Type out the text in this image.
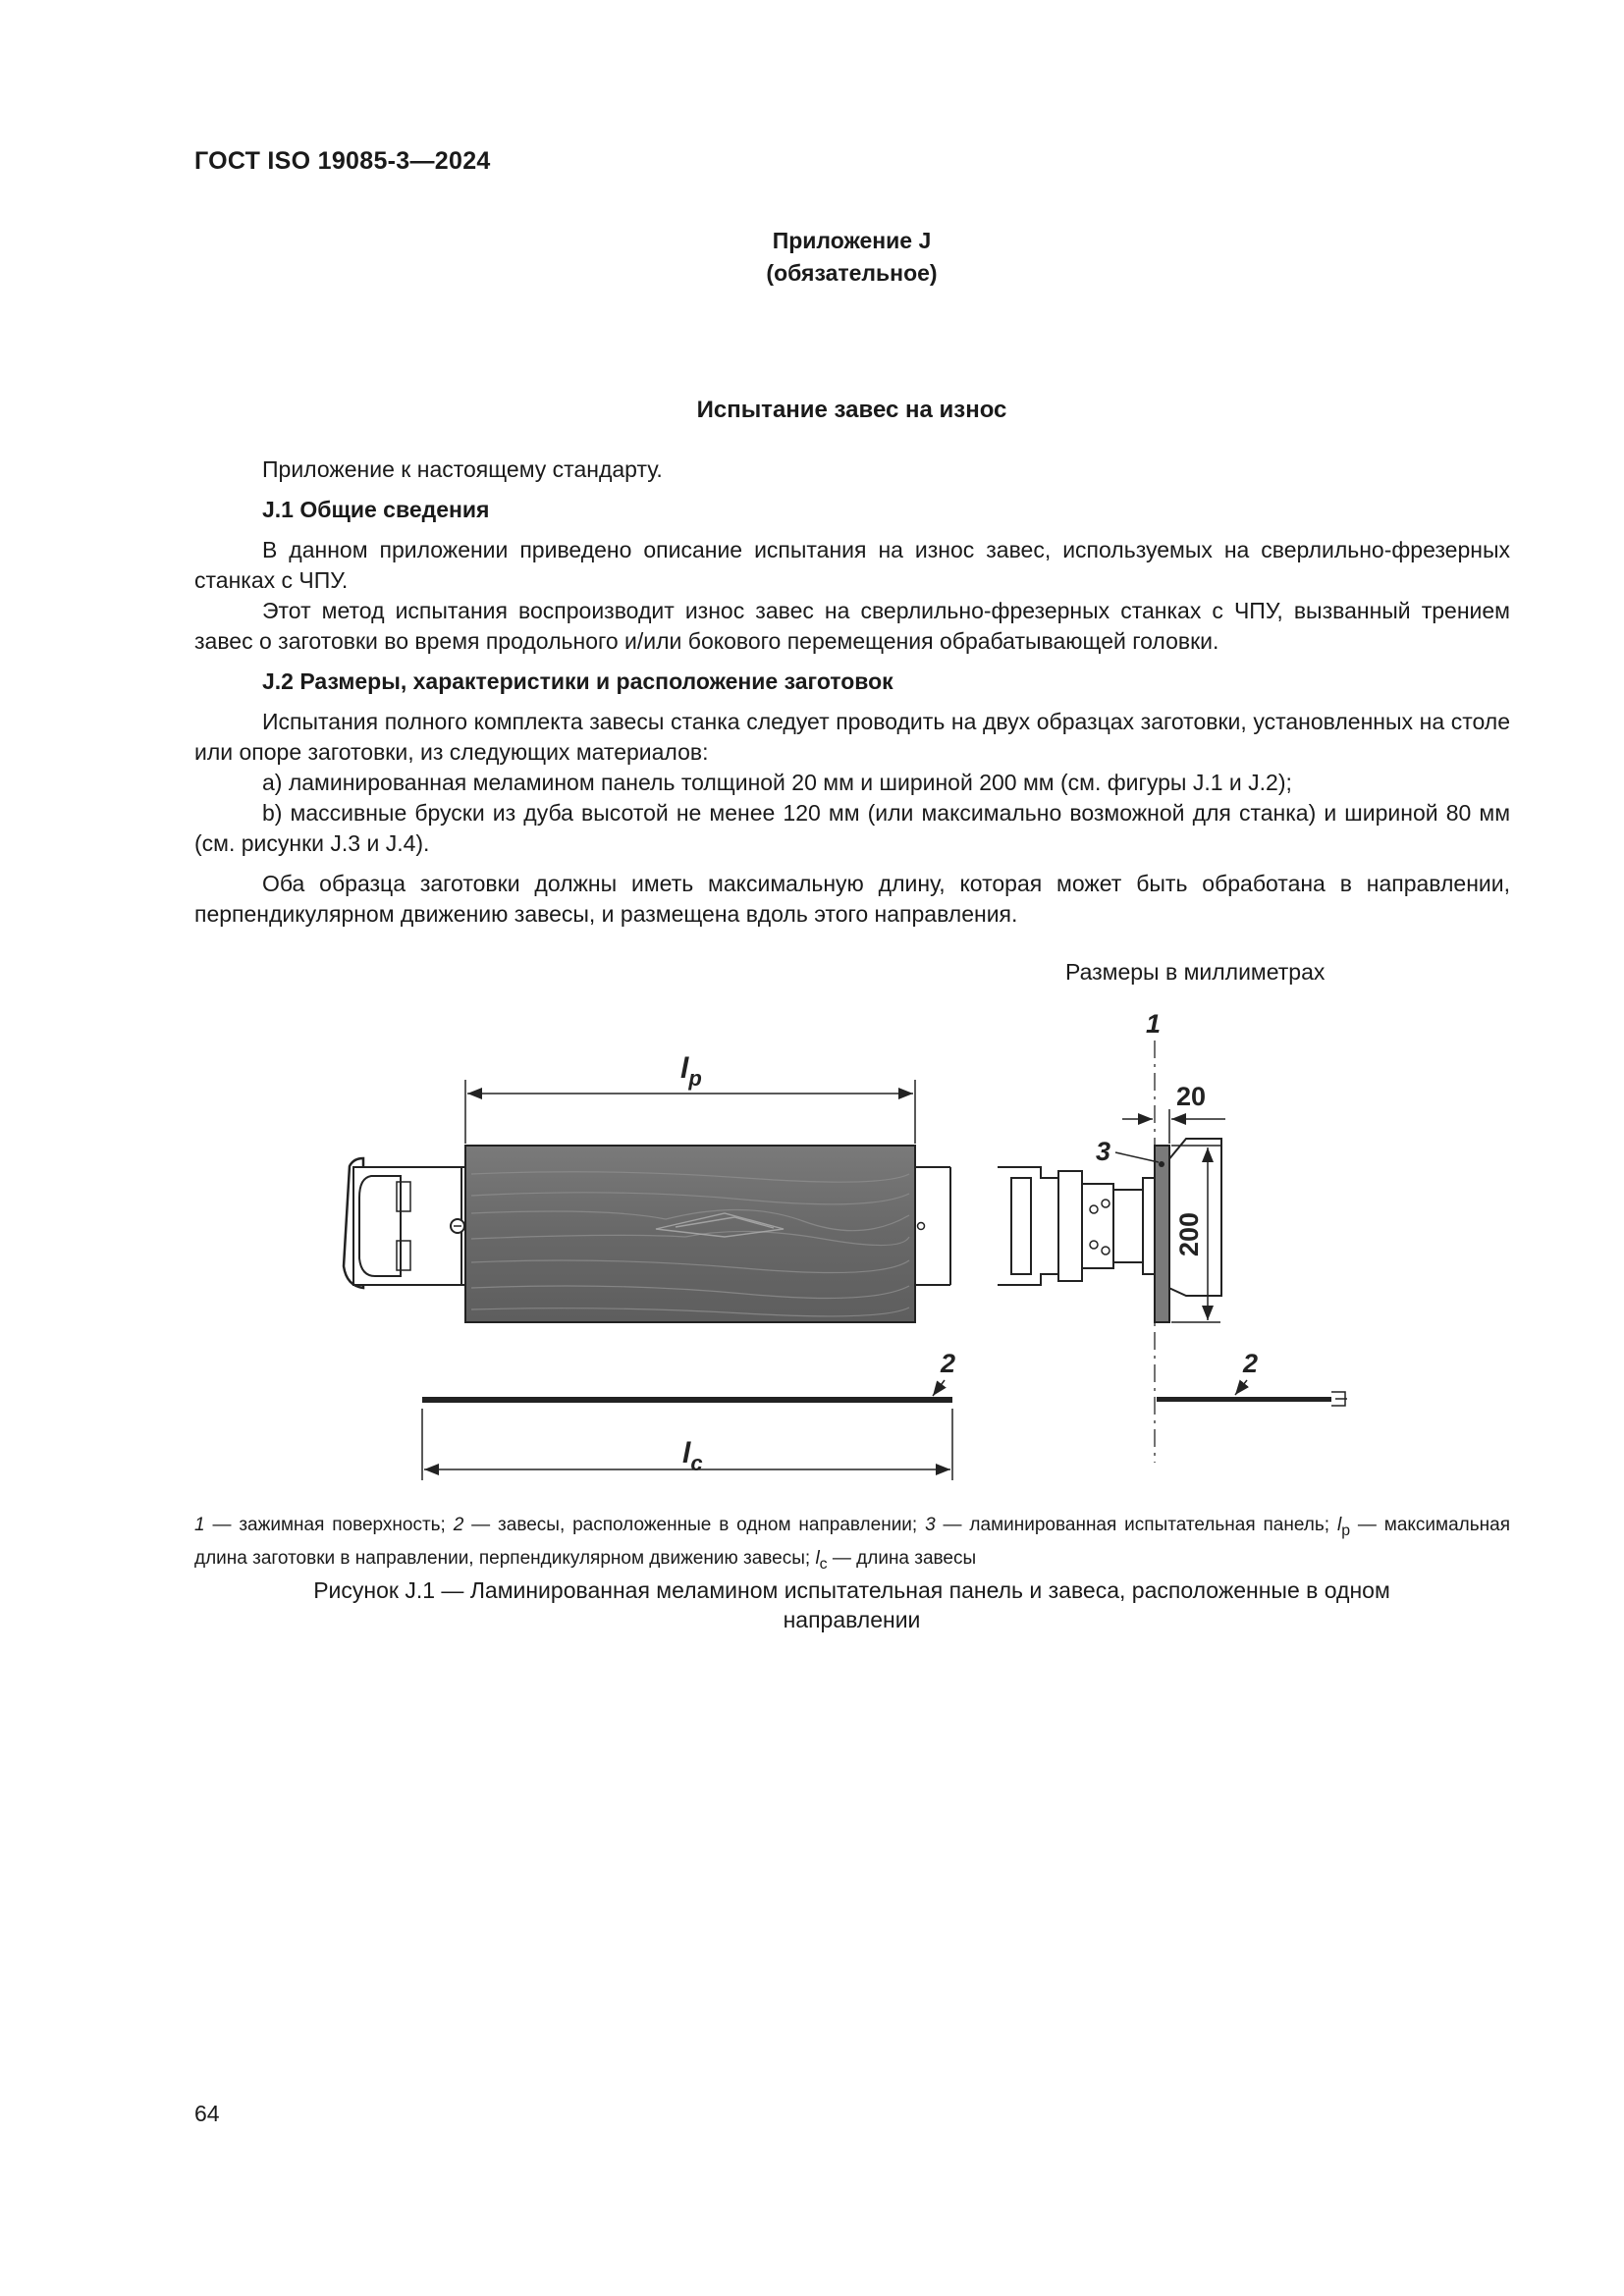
ГОСТ ISO 19085-3—2024
Приложение J
(обязательное)
Испытание завес на износ

Приложение к настоящему стандарту.

J.1 Общие сведения

В данном приложении приведено описание испытания на износ завес, используемых на сверлильно-фрезерных станках с ЧПУ.

Этот метод испытания воспроизводит износ завес на сверлильно-фрезерных станках с ЧПУ, вызванный трением завес о заготовки во время продольного и/или бокового перемещения обрабатывающей головки.

J.2 Размеры, характеристики и расположение заготовок

Испытания полного комплекта завесы станка следует проводить на двух образцах заготовки, установленных на столе или опоре заготовки, из следующих материалов:

a) ламинированная меламином панель толщиной 20 мм и шириной 200 мм (см. фигуры J.1 и J.2);

b) массивные бруски из дуба высотой не менее 120 мм (или максимально возможной для станка) и шириной 80 мм (см. рисунки J.3 и J.4).

Оба образца заготовки должны иметь максимальную длину, которая может быть обработана в направлении, перпендикулярном движению завесы, и размещена вдоль этого направления.

Размеры в миллиметрах
$l_p$
1
3
20
200
$l_c$
2	2
1 — зажимная поверхность; 2 — завесы, расположенные в одном направлении; 3 — ламинированная испытательная панель; $l_p$ — максимальная длина заготовки в направлении, перпендикулярном движению завесы; $l_c$ — длина завесы
Рисунок J.1 — Ламинированная меламином испытательная панель и завеса, расположенные в одном
направлении
64
